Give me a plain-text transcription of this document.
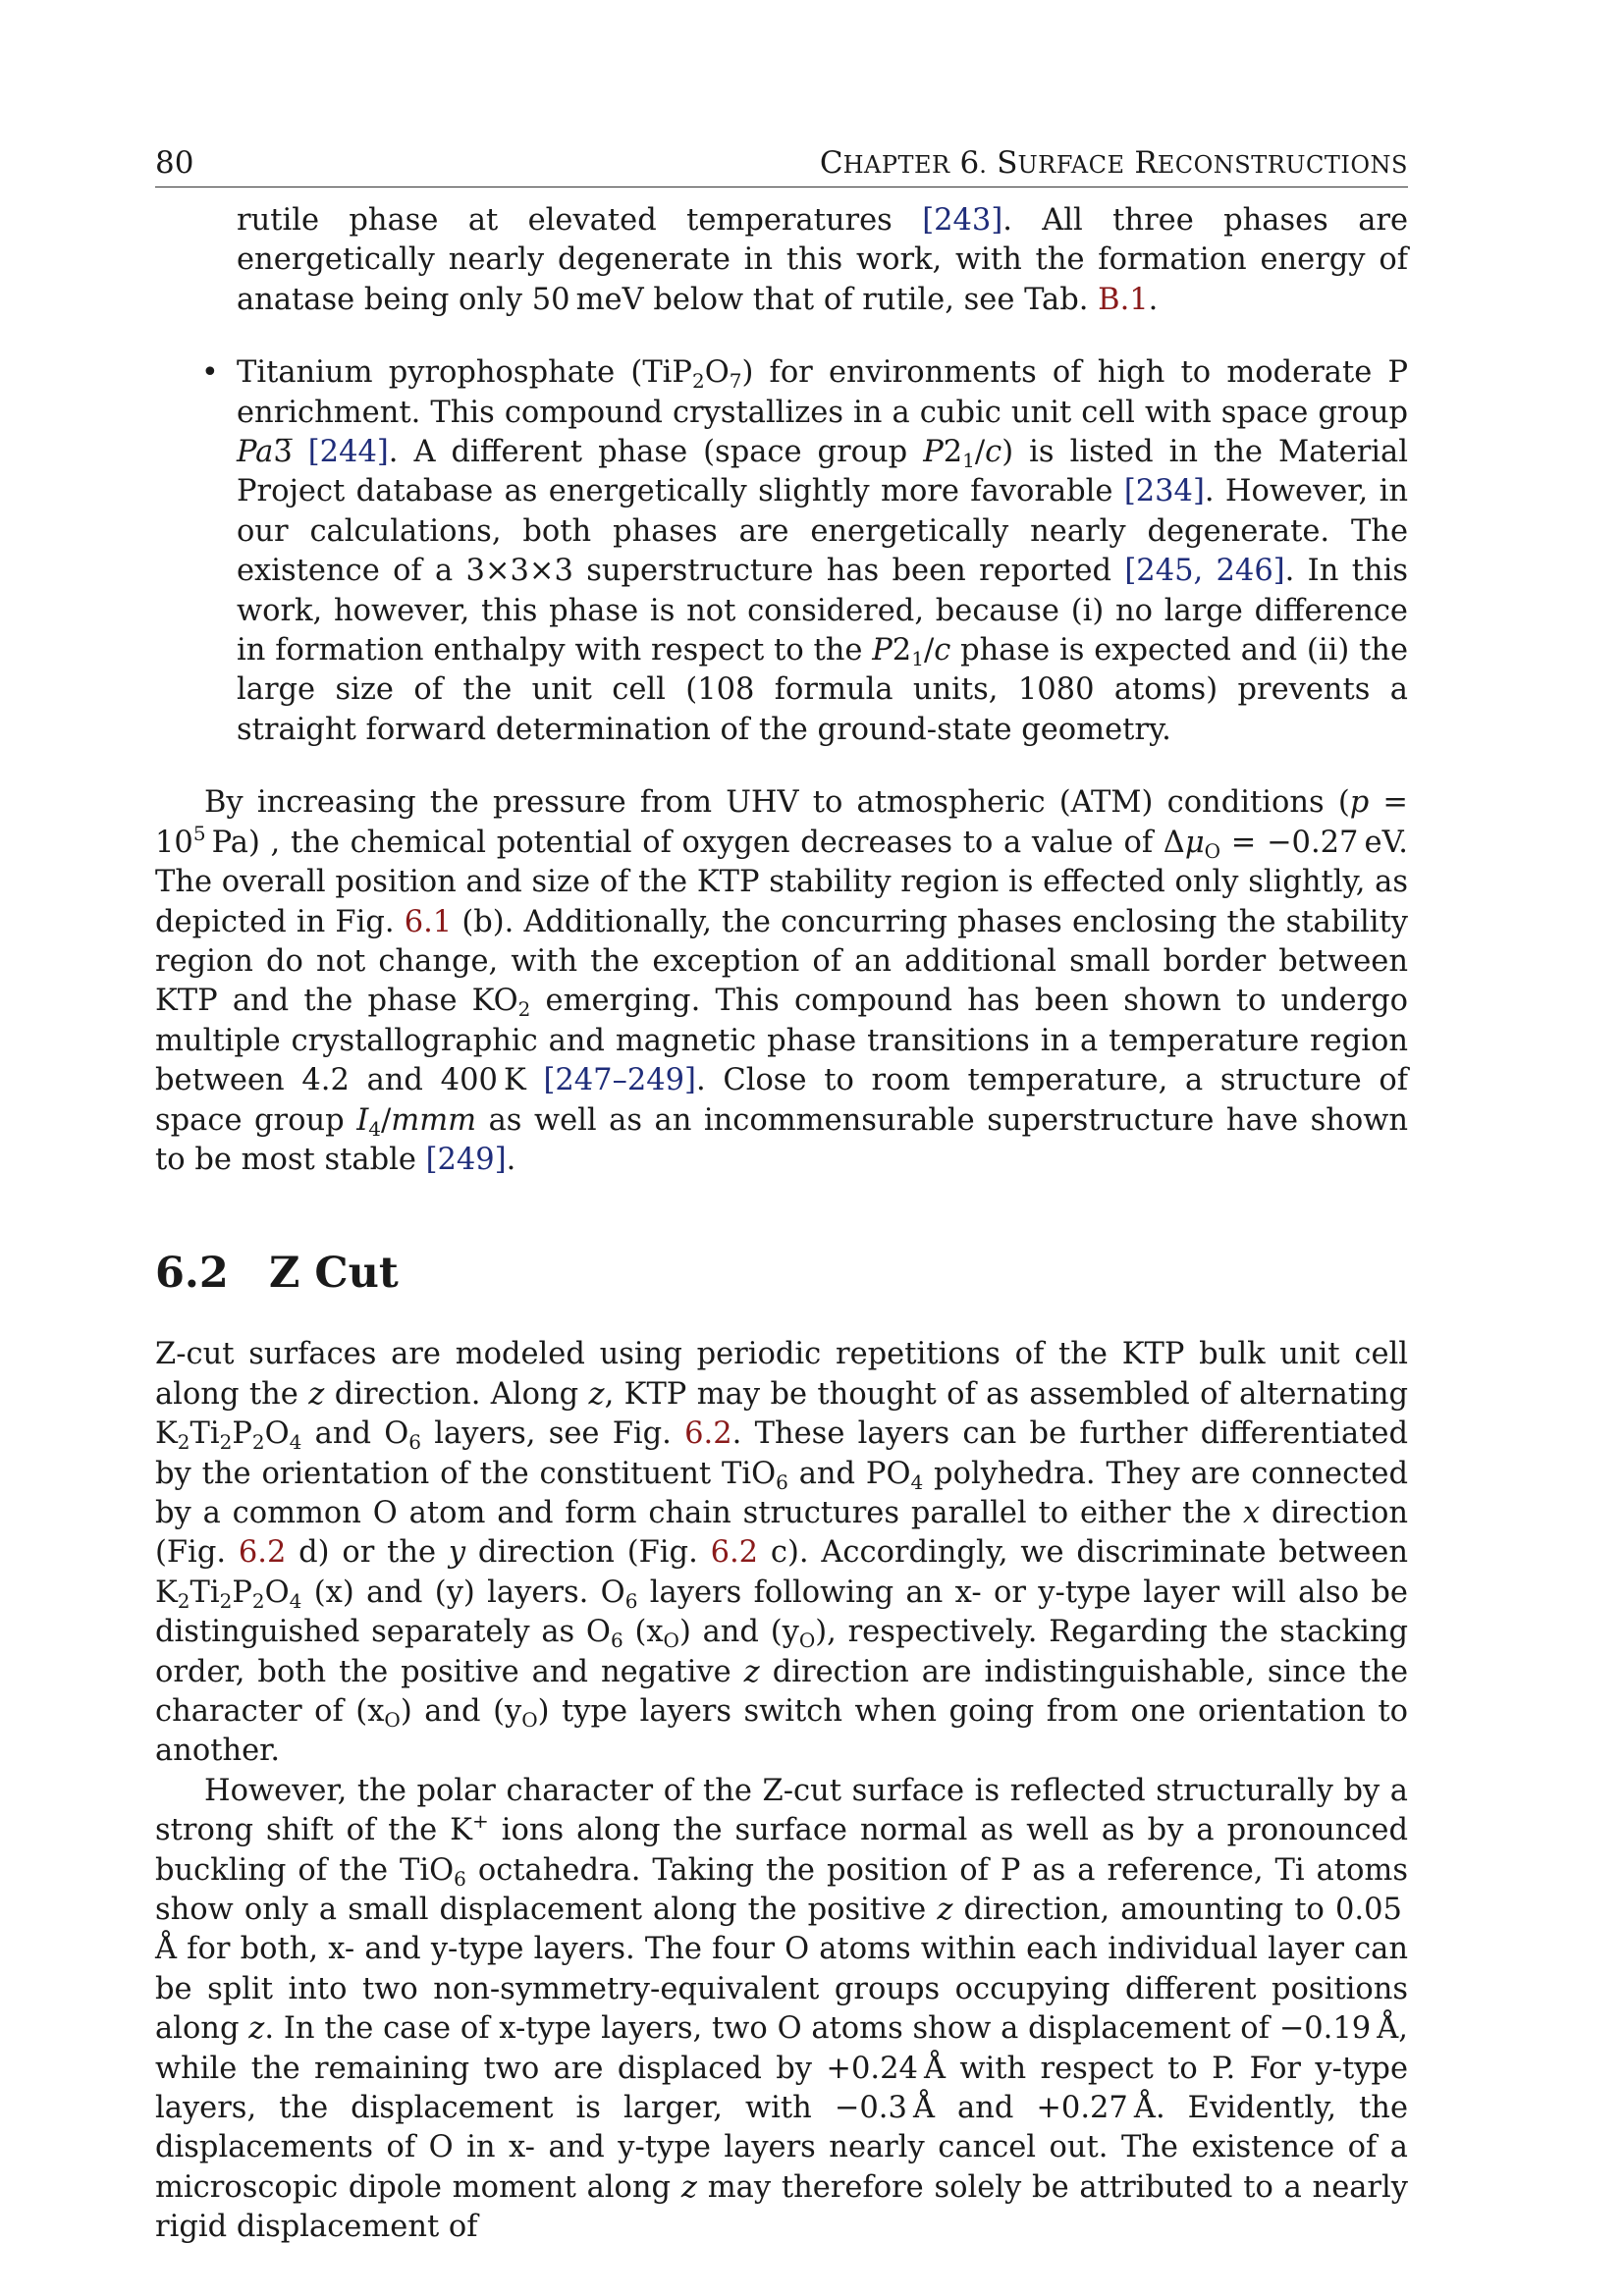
80	CHAPTER 6. SURFACE RECONSTRUCTIONS

rutile phase at elevated temperatures [243]. All three phases are energetically nearly degenerate in this work, with the formation energy of anatase being only 50 meV below that of rutile, see Tab. B.1.

• Titanium pyrophosphate $(TiP_2O_7)$ for environments of high to moderate P enrichment. This compound crystallizes in a cubic unit cell with space group Pa3̅ [244]. A different phase (space group $P2_1/c$) is listed in the Material Project database as energetically slightly more favorable [234]. However, in our calculations, both phases are energetically nearly degenerate. The existence of a 3×3×3 superstructure has been reported [245, 246]. In this work, however, this phase is not considered, because (i) no large difference in formation enthalpy with respect to the $P2_1/c$ phase is expected and (ii) the large size of the unit cell (108 formula units, 1080 atoms) prevents a straight forward determination of the ground-state geometry.

By increasing the pressure from UHV to atmospheric (ATM) conditions ($p = 10^5$ Pa) , the chemical potential of oxygen decreases to a value of $\Delta\mu_O = -0.27$ eV. The overall position and size of the KTP stability region is effected only slightly, as depicted in Fig. 6.1 (b). Additionally, the concurring phases enclosing the stability region do not change, with the exception of an additional small border between KTP and the phase $KO_2$ emerging. This compound has been shown to undergo multiple crystallographic and magnetic phase transitions in a temperature region between 4.2 and 400 K [247–249]. Close to room temperature, a structure of space group $I_4$/mmm as well as an incommensurable superstructure have shown to be most stable [249].

6.2 Z Cut

Z-cut surfaces are modeled using periodic repetitions of the KTP bulk unit cell along the z direction. Along z, KTP may be thought of as assembled of alternating $K_2Ti_2P_2O_4$ and $O_6$ layers, see Fig. 6.2. These layers can be further differentiated by the orientation of the constituent TiO$_6$ and $PO_4$ polyhedra. They are connected by a common O atom and form chain structures parallel to either the x direction (Fig. 6.2 d) or the y direction (Fig. 6.2 c). Accordingly, we discriminate between $K_2Ti_2P_2O_4$ (x) and (y) layers. $O_6$ layers following an x- or y-type layer will also be distinguished separately as $O_6$ $(x_O)$ and $(y_O)$, respectively. Regarding the stacking order, both the positive and negative z direction are indistinguishable, since the character of $(x_O)$ and $(y_O)$ type layers switch when going from one orientation to another.

However, the polar character of the Z-cut surface is reflected structurally by a strong shift of the K+ ions along the surface normal as well as by a pronounced buckling of the TiO$_6$ octahedra. Taking the position of P as a reference, Ti atoms show only a small displacement along the positive z direction, amounting to 0.05 Å for both, x- and y-type layers. The four O atoms within each individual layer can be split into two non-symmetry-equivalent groups occupying different positions along z. In the case of x-type layers, two O atoms show a displacement of −0.19 Å, while the remaining two are displaced by +0.24 Å with respect to P. For y-type layers, the displacement is larger, with −0.3 Å and +0.27 Å. Evidently, the displacements of O in x- and y-type layers nearly cancel out. The existence of a microscopic dipole moment along z may therefore solely be attributed to a nearly rigid displacement of
